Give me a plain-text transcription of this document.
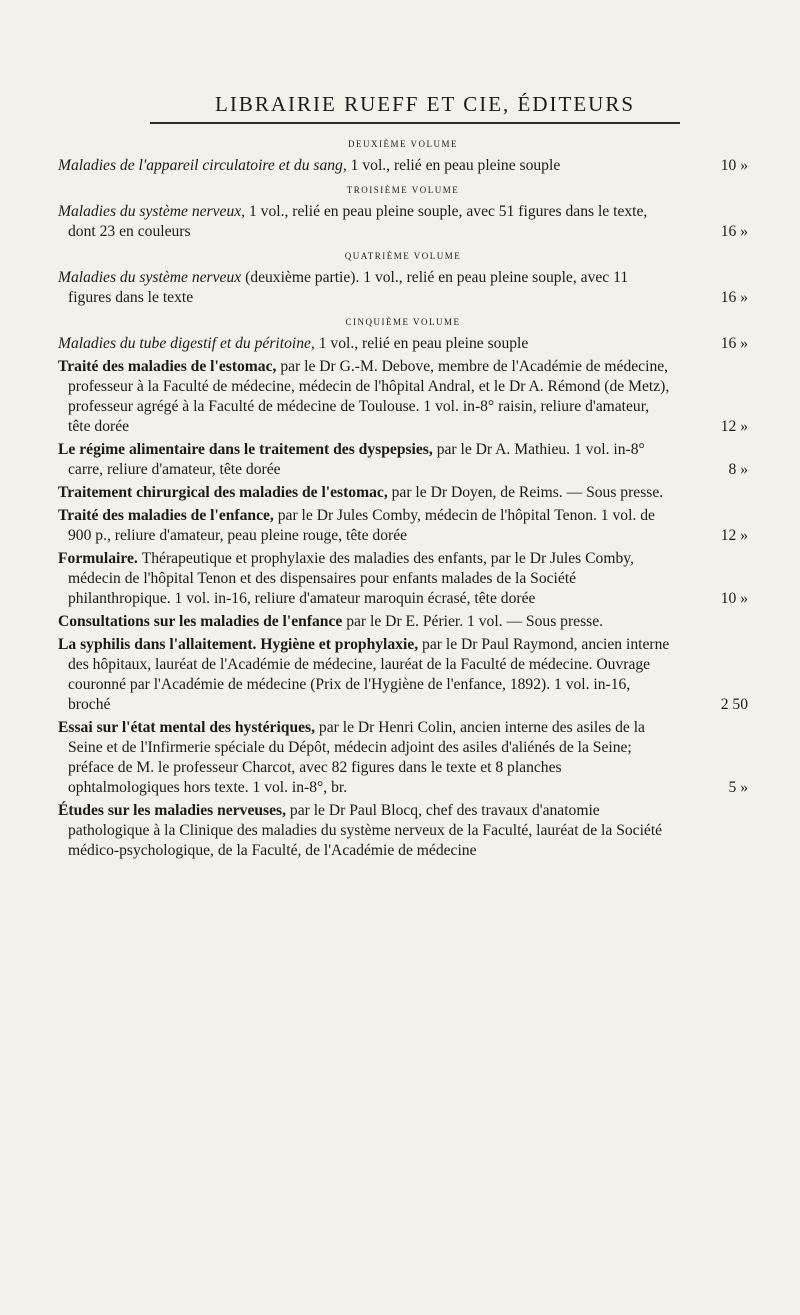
LIBRAIRIE RUEFF ET CIE, ÉDITEURS
DEUXIÈME VOLUME
Maladies de l'appareil circulatoire et du sang, 1 vol., relié en peau pleine souple	10 »
TROISIÈME VOLUME
Maladies du système nerveux, 1 vol., relié en peau pleine souple, avec 51 figures dans le texte, dont 23 en couleurs	16 »
QUATRIÈME VOLUME
Maladies du système nerveux (deuxième partie). 1 vol., relié en peau pleine souple, avec 11 figures dans le texte	16 »
CINQUIÈME VOLUME
Maladies du tube digestif et du péritoine, 1 vol., relié en peau pleine souple	16 »
Traité des maladies de l'estomac, par le Dr G.-M. Debove, membre de l'Académie de médecine, professeur à la Faculté de médecine, médecin de l'hôpital Andral, et le Dr A. Rémond (de Metz), professeur agrégé à la Faculté de médecine de Toulouse. 1 vol. in-8° raisin, reliure d'amateur, tête dorée	12 »
Le régime alimentaire dans le traitement des dyspepsies, par le Dr A. Mathieu. 1 vol. in-8° carre, reliure d'amateur, tête dorée	8 »
Traitement chirurgical des maladies de l'estomac, par le Dr Doyen, de Reims. — Sous presse.
Traité des maladies de l'enfance, par le Dr Jules Comby, médecin de l'hôpital Tenon. 1 vol. de 900 p., reliure d'amateur, peau pleine rouge, tête dorée	12 »
Formulaire. Thérapeutique et prophylaxie des maladies des enfants, par le Dr Jules Comby, médecin de l'hôpital Tenon et des dispensaires pour enfants malades de la Société philanthropique. 1 vol. in-16, reliure d'amateur maroquin écrasé, tête dorée	10 »
Consultations sur les maladies de l'enfance par le Dr E. Périer. 1 vol. — Sous presse.
La syphilis dans l'allaitement. Hygiène et prophylaxie, par le Dr Paul Raymond, ancien interne des hôpitaux, lauréat de l'Académie de médecine, lauréat de la Faculté de médecine. Ouvrage couronné par l'Académie de médecine (Prix de l'Hygiène de l'enfance, 1892). 1 vol. in-16, broché	2 50
Essai sur l'état mental des hystériques, par le Dr Henri Colin, ancien interne des asiles de la Seine et de l'Infirmerie spéciale du Dépôt, médecin adjoint des asiles d'aliénés de la Seine; préface de M. le professeur Charcot, avec 82 figures dans le texte et 8 planches ophtalmologiques hors texte. 1 vol. in-8°, br.	5 »
Études sur les maladies nerveuses, par le Dr Paul Blocq, chef des travaux d'anatomie pathologique à la Clinique des maladies du système nerveux de la Faculté, lauréat de la Société médico-psychologique, de la Faculté, de l'Académie de médecine
